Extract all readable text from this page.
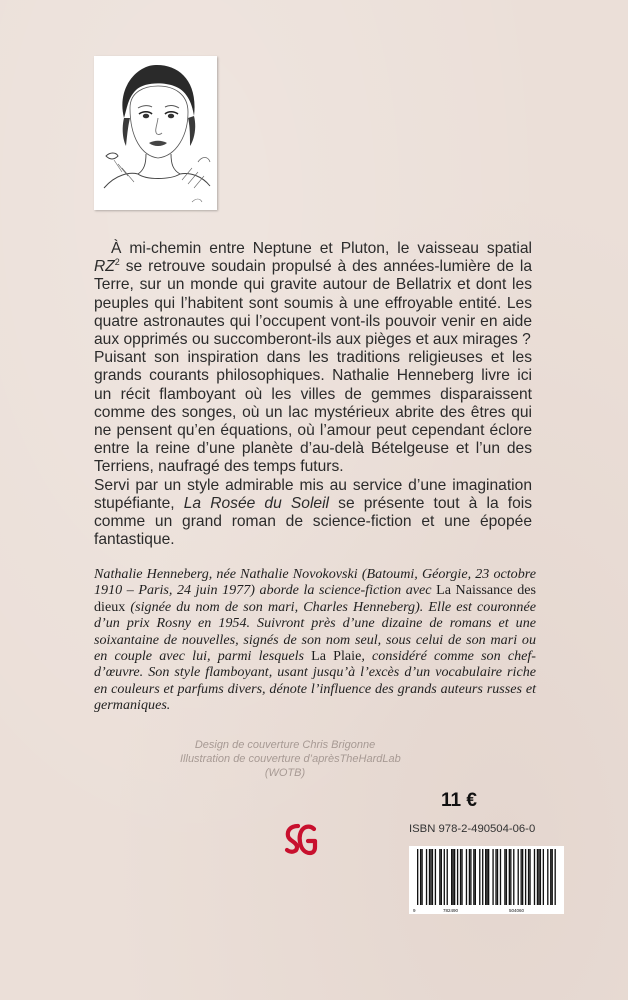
À mi-chemin entre Neptune et Pluton, le vaisseau spatial $RZ^2$ se retrouve soudain propulsé à des années-lumière de la Terre, sur un monde qui gravite autour de Bellatrix et dont les peuples qui l’habitent sont soumis à une effroyable entité. Les quatre astronautes qui l’occupent vont-ils pouvoir venir en aide aux opprimés ou succomberont-ils aux pièges et aux mirages ?

Puisant son inspiration dans les traditions religieuses et les grands courants philosophiques. Nathalie Henneberg livre ici un récit flamboyant où les villes de gemmes disparaissent comme des songes, où un lac mystérieux abrite des êtres qui ne pensent qu’en équations, où l’amour peut cependant éclore entre la reine d’une planète d’au-delà Bételgeuse et l’un des Terriens, naufragé des temps futurs.

Servi par un style admirable mis au service d’une imagination stupéfiante, La Rosée du Soleil se présente tout à la fois comme un grand roman de science-fiction et une épopée fantastique.

Nathalie Henneberg, née Nathalie Novokovski (Batoumi, Géorgie, 23 octobre 1910 – Paris, 24 juin 1977) aborde la science-fiction avec La Naissance des dieux (signée du nom de son mari, Charles Henneberg). Elle est couronnée d’un prix Rosny en 1954. Suivront près d’une dizaine de romans et une soixantaine de nouvelles, signés de son nom seul, sous celui de son mari ou en couple avec lui, parmi lesquels La Plaie, considéré comme son chef-d’œuvre. Son style flamboyant, usant jusqu’à l’excès d’un vocabulaire riche en couleurs et parfums divers, dénote l’influence des grands auteurs russes et germaniques.

Design de couverture Chris Brigonne
Illustration de couverture d’aprèsTheHardLab
(WOTB)
11 €
ISBN 978-2-490504-06-0
9	782490	504060
